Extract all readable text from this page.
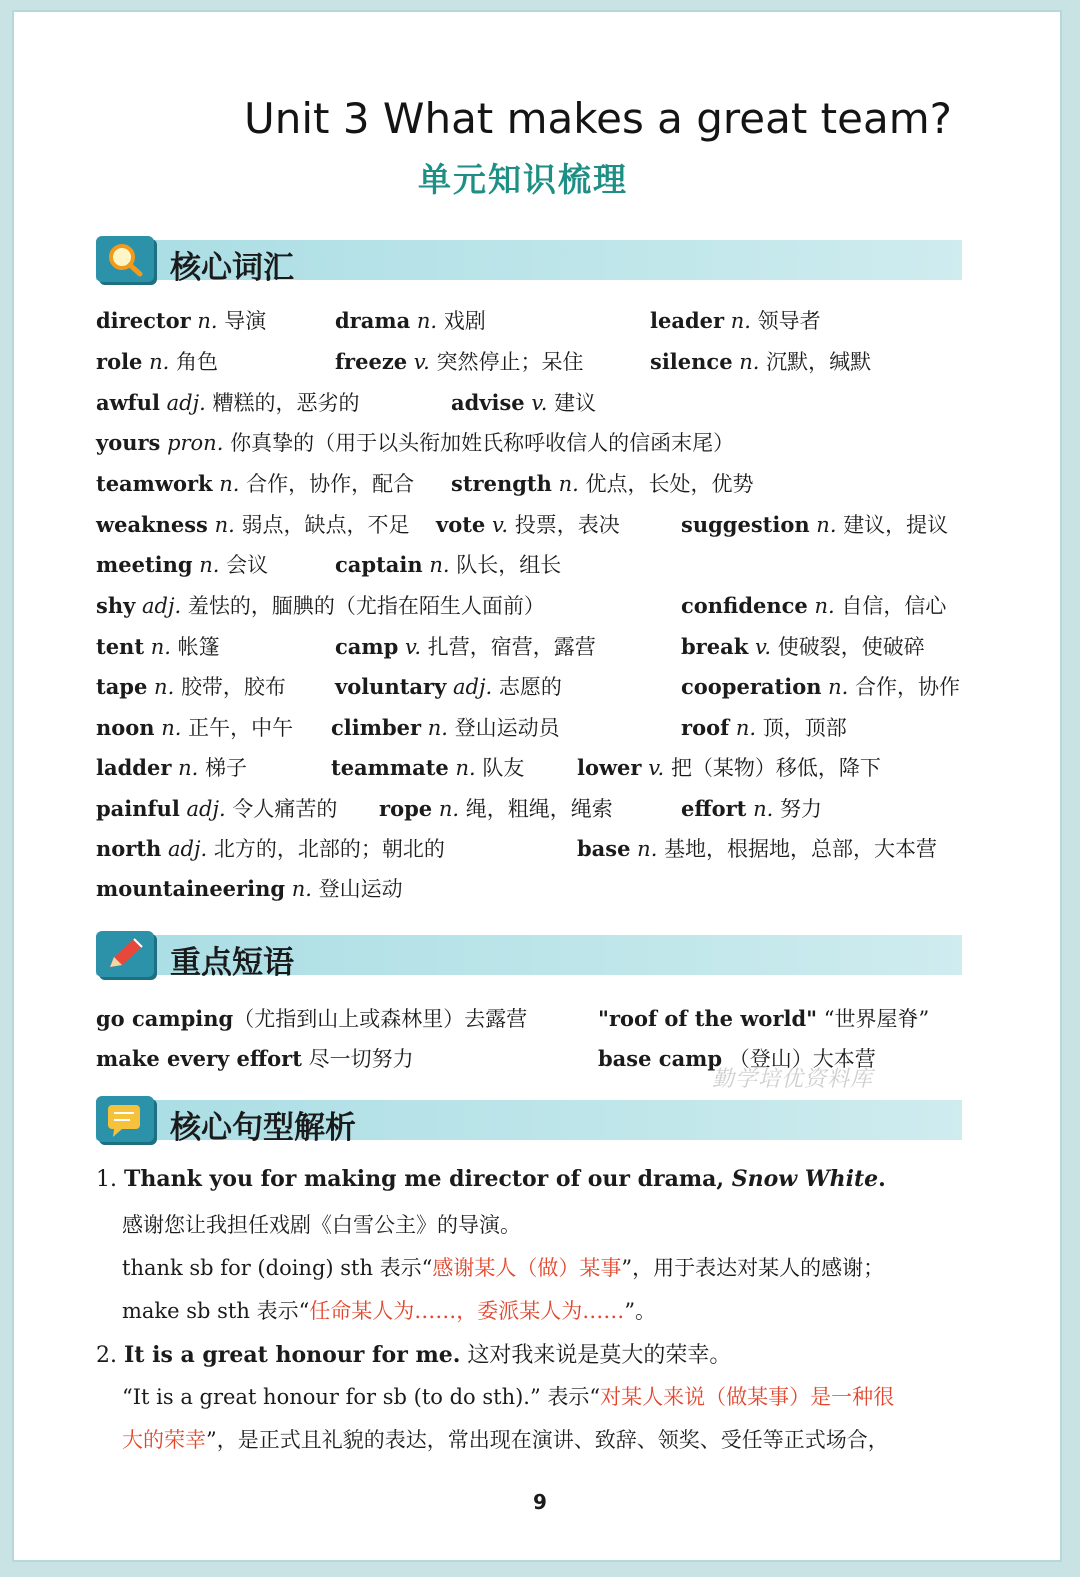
Unit 3 What makes a great team?
单元知识梳理
核心词汇
director n. 导演	drama n. 戏剧	leader n. 领导者
role n. 角色	freeze v. 突然停止；呆住	silence n. 沉默，缄默
awful adj. 糟糕的，恶劣的	advise v. 建议
yours pron. 你真挚的（用于以头衔加姓氏称呼收信人的信函末尾）
teamwork n. 合作，协作，配合 strength n. 优点，长处，优势
weakness n. 弱点，缺点，不足 vote v. 投票，表决	suggestion n. 建议，提议
meeting n. 会议	captain n. 队长，组长
shy adj. 羞怯的，腼腆的（尤指在陌生人面前）	confidence n. 自信，信心
tent n. 帐篷	camp v. 扎营，宿营，露营	break v. 使破裂，使破碎
tape n. 胶带，胶布 voluntary adj. 志愿的	cooperation n. 合作，协作
noon n. 正午，中午 climber n. 登山运动员	roof n. 顶，顶部
ladder n. 梯子	teammate n. 队友	lower v. 把（某物）移低，降下
painful adj. 令人痛苦的 rope n. 绳，粗绳，绳索	effort n. 努力
north adj. 北方的，北部的；朝北的	base n. 基地，根据地，总部，大本营
mountaineering n. 登山运动
重点短语
go camping（尤指到山上或森林里）去露营	"roof of the world" “世界屋脊”
make every effort 尽一切努力	base camp （登山）大本营
勤学培优资料库
核心句型解析
1. Thank you for making me director of our drama, Snow White.
感谢您让我担任戏剧《白雪公主》的导演。
thank sb for (doing) sth 表示“感谢某人（做）某事”，用于表达对某人的感谢；
make sb sth 表示“任命某人为……，委派某人为……”。
2. It is a great honour for me. 这对我来说是莫大的荣幸。
“It is a great honour for sb (to do sth).” 表示“对某人来说（做某事）是一种很
大的荣幸”，是正式且礼貌的表达，常出现在演讲、致辞、领奖、受任等正式场合，
9
